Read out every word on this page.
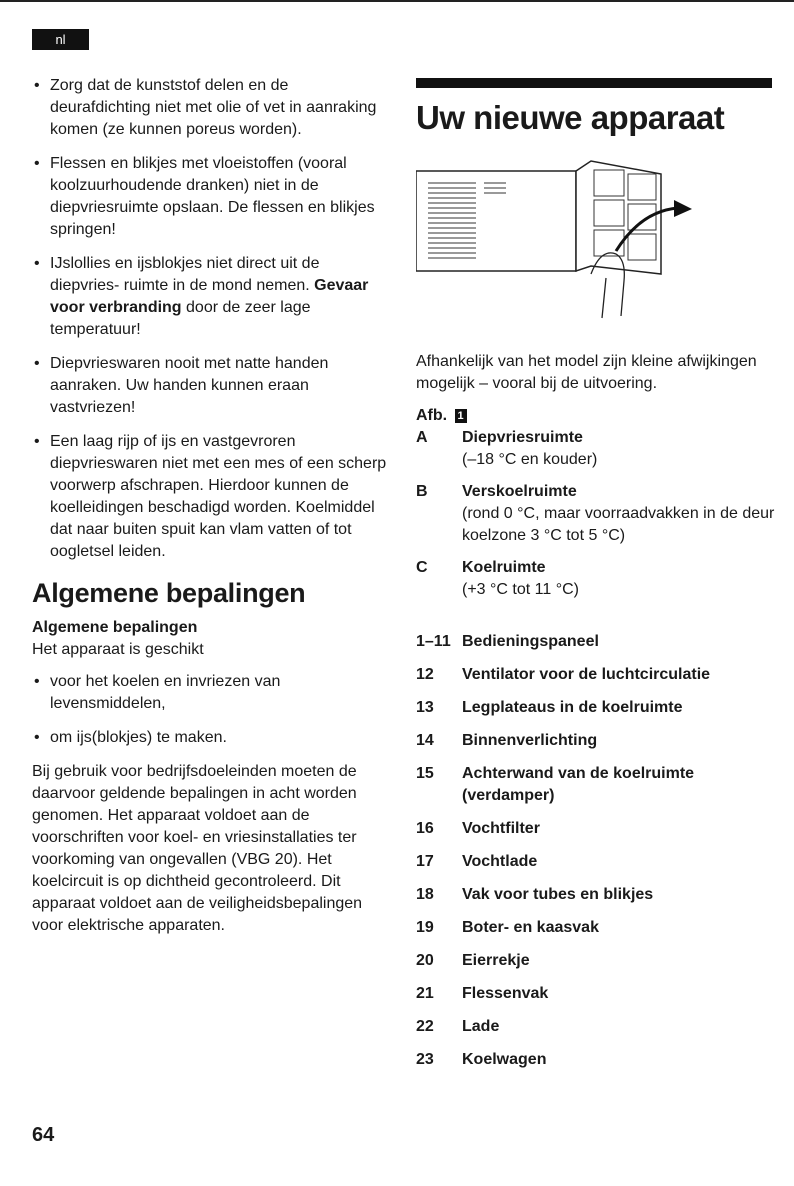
nl
• Zorg dat de kunststof delen en de deurafdichting niet met olie of vet in aanraking komen (ze kunnen poreus worden).
• Flessen en blikjes met vloeistoffen (vooral koolzuurhoudende dranken) niet in de diepvriesruimte opslaan. De flessen en blikjes springen!
• IJslollies en ijsblokjes niet direct uit de diepvries- ruimte in de mond nemen. Gevaar voor verbranding door de zeer lage temperatuur!
• Diepvrieswaren nooit met natte handen aanraken. Uw handen kunnen eraan vastvriezen!
• Een laag rijp of ijs en vastgevroren diepvrieswaren niet met een mes of een scherp voorwerp afschrapen. Hierdoor kunnen de koelleidingen beschadigd worden. Koelmiddel dat naar buiten spuit kan vlam vatten of tot oogletsel leiden.
Algemene bepalingen
Algemene bepalingen
Het apparaat is geschikt
• voor het koelen en invriezen van levensmiddelen,
• om ijs(blokjes) te maken.
Bij gebruik voor bedrijfsdoeleinden moeten de daarvoor geldende bepalingen in acht worden genomen. Het apparaat voldoet aan de voorschriften voor koel- en vriesinstallaties ter voorkoming van ongevallen (VBG 20). Het koelcircuit is op dichtheid gecontroleerd. Dit apparaat voldoet aan de veiligheidsbepalingen voor elektrische apparaten.
Uw nieuwe apparaat
Afhankelijk van het model zijn kleine afwijkingen mogelijk – vooral bij de uitvoering.
Afb. 1
A	Diepvriesruimte
(–18 °C en kouder)
B	Verskoelruimte
(rond 0 °C, maar voorraadvakken in de deur koelzone 3 °C tot 5 °C)
C	Koelruimte
(+3 °C tot 11 °C)
1–11 Bedieningspaneel
12	Ventilator voor de luchtcirculatie
13	Legplateaus in de koelruimte
14	Binnenverlichting
15	Achterwand van de koelruimte (verdamper)
16	Vochtfilter
17	Vochtlade
18	Vak voor tubes en blikjes
19	Boter- en kaasvak
20	Eierrekje
21	Flessenvak
22	Lade
23	Koelwagen
64
